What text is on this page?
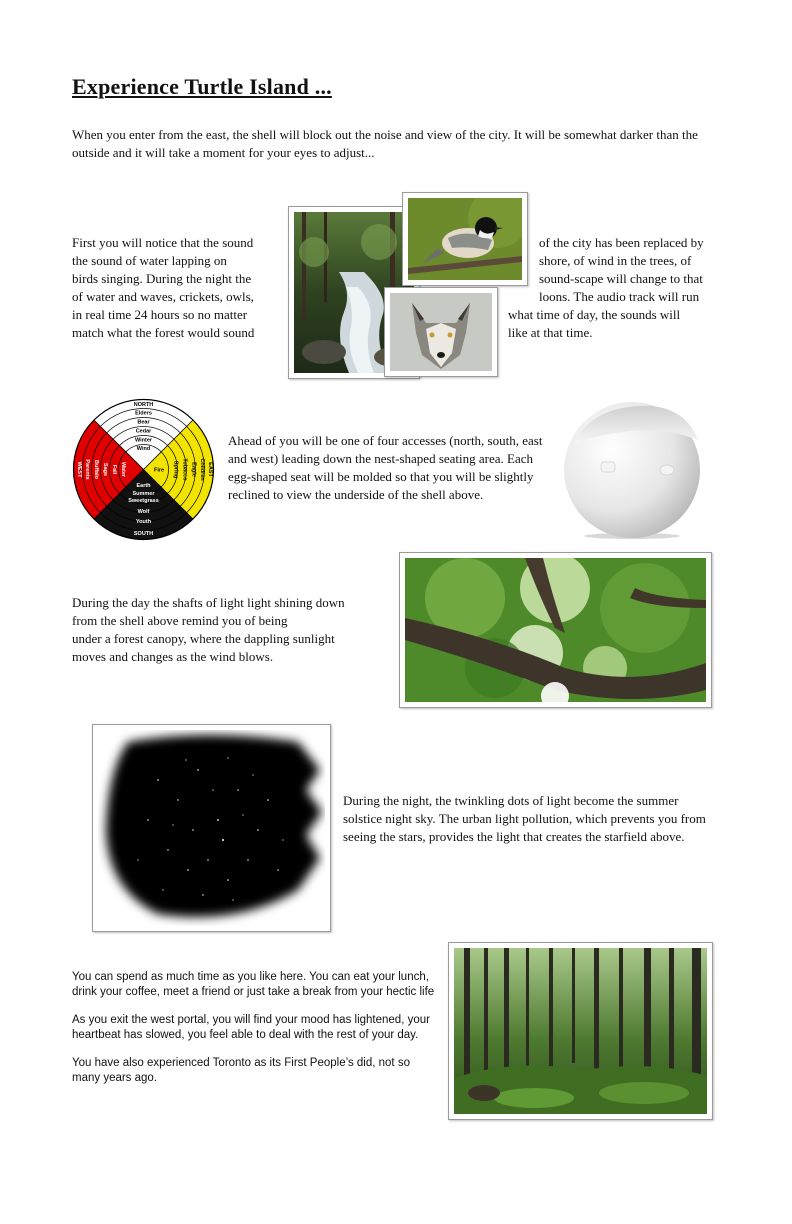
Experience Turtle Island ...
When you enter from the east, the shell will block out the noise and view of the city. It will be somewhat darker than the outside and it will take a moment for your eyes to adjust...
First you will notice that the sound
the sound of water lapping on
birds singing. During the night the
of water and waves, crickets, owls,
in real time 24 hours so no matter
match what the forest would sound
of the city has been replaced by
shore, of wind in the trees, of
sound-scape will change to that
loons. The audio track will run
what time of day, the sounds will
like at that time.
NORTH
Elders
Bear
Cedar
Winter
Wind
Earth
Summer
Sweetgrass
Wolf
Youth
SOUTH
EAST
Children
Eagle
Tobacco
Spring
Fire
WEST Parents Buffalo Sage Fall Water
Ahead of you will be one of four accesses (north, south, east and west) leading down the nest-shaped seating area. Each egg-shaped seat will be molded so that you will be slightly reclined to view the underside of the shell above.
During the day the shafts of light light shining down
from the shell above remind you of being
under a forest canopy, where the dappling sunlight
moves and changes as the wind blows.
During the night, the twinkling dots of light become the summer solstice night sky. The urban light pollution, which prevents you from seeing the stars, provides the light that creates the starfield above.

You can spend as much time as you like here. You can eat your lunch, drink your coffee, meet a friend or just take a break from your hectic life

As you exit the west portal, you will find your mood has lightened, your heartbeat has slowed, you feel able to deal with the rest of your day.

You have also experienced Toronto as its First People’s did, not so many years ago.
